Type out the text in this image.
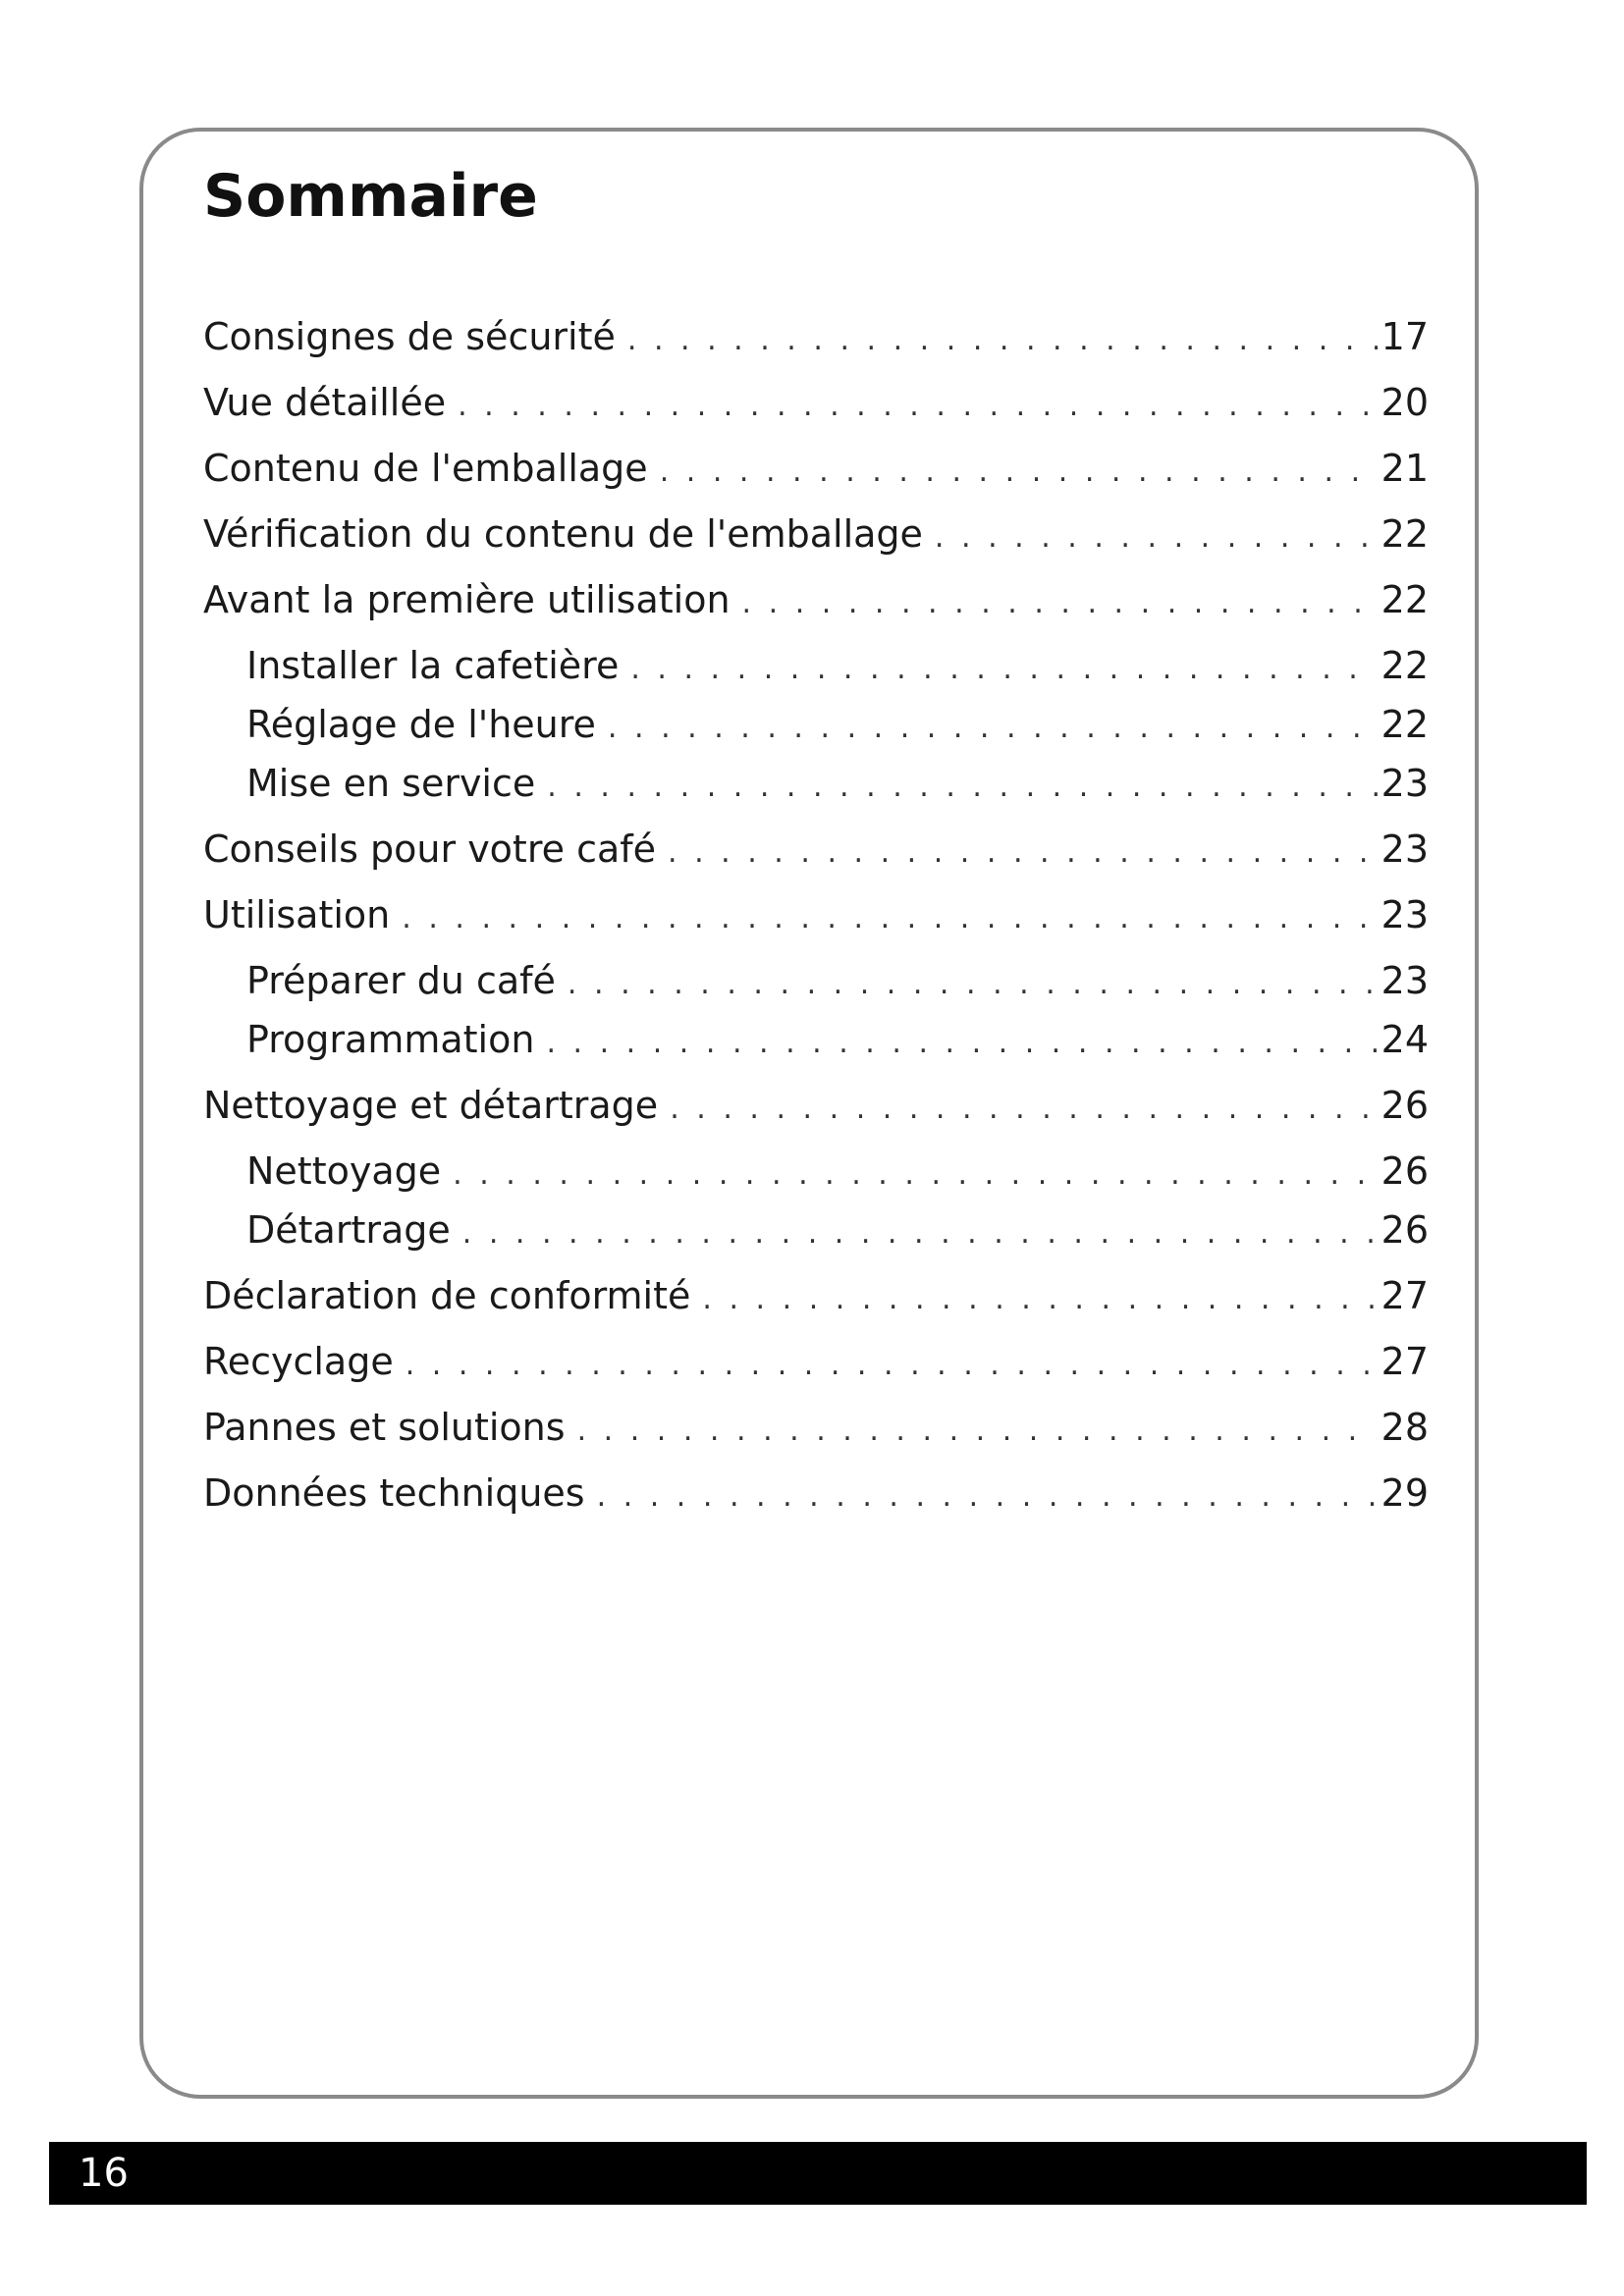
Sommaire
Consignes de sécurité . . .	17
Vue détaillée . . .	20
Contenu de l'emballage . . .	21
Vérification du contenu de l'emballage . . .	22
Avant la première utilisation . . .	22
Installer la cafetière . . .	22
Réglage de l'heure . . .	22
Mise en service . . .	23
Conseils pour votre café . . .	23
Utilisation . . .	23
Préparer du café . . .	23
Programmation . . .	24
Nettoyage et détartrage . . .	26
Nettoyage . . .	26
Détartrage . . .	26
Déclaration de conformité . . .	27
Recyclage . . .	27
Pannes et solutions . . .	28
Données techniques . . .	29
16
